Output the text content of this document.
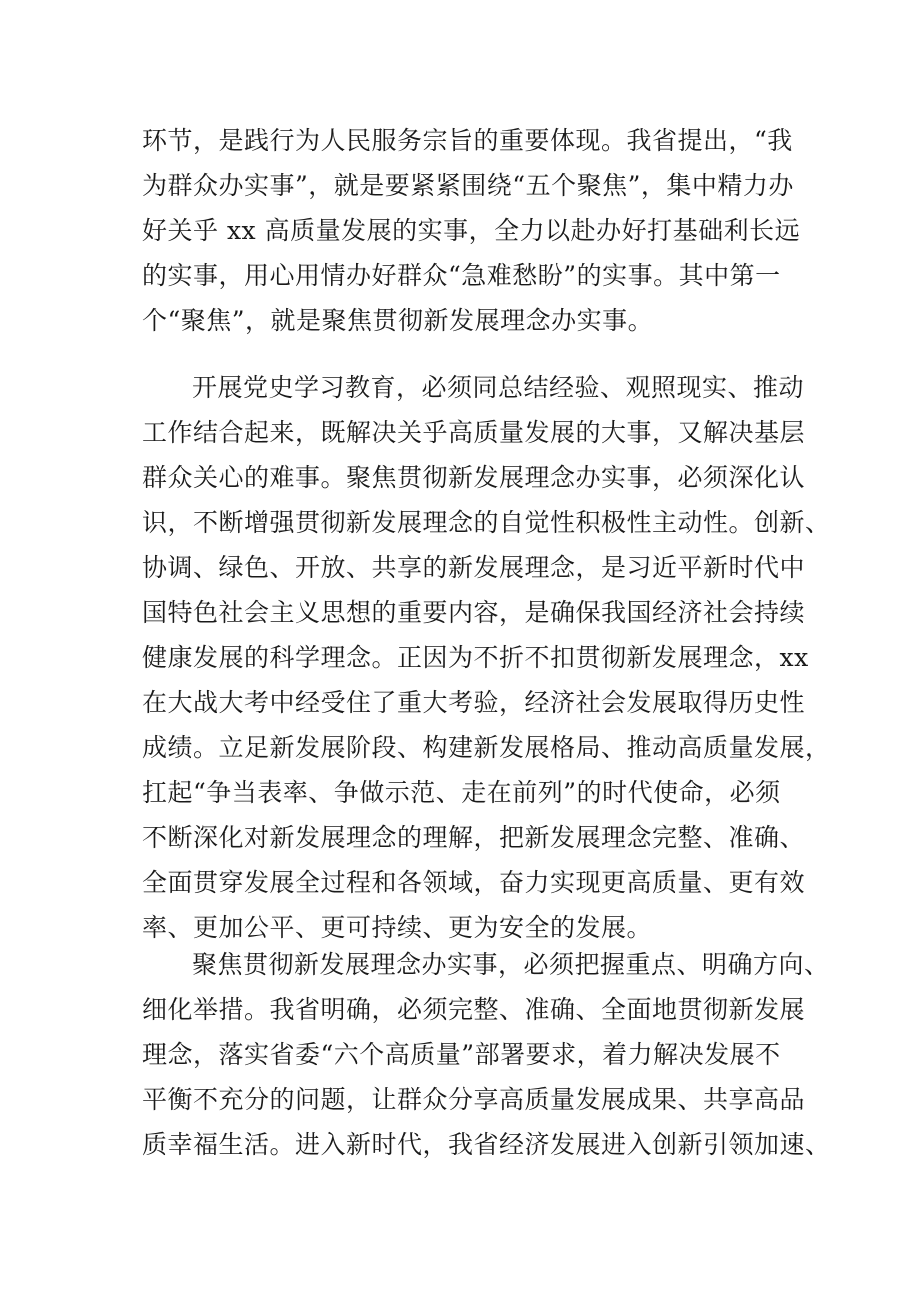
环节，是践行为人民服务宗旨的重要体现。我省提出，“我
为群众办实事”，就是要紧紧围绕“五个聚焦”，集中精力办
好关乎 xx 高质量发展的实事，全力以赴办好打基础利长远
的实事，用心用情办好群众“急难愁盼”的实事。其中第一
个“聚焦”，就是聚焦贯彻新发展理念办实事。
开展党史学习教育，必须同总结经验、观照现实、推动
工作结合起来，既解决关乎高质量发展的大事，又解决基层
群众关心的难事。聚焦贯彻新发展理念办实事，必须深化认
识，不断增强贯彻新发展理念的自觉性积极性主动性。创新、
协调、绿色、开放、共享的新发展理念，是习近平新时代中
国特色社会主义思想的重要内容，是确保我国经济社会持续
健康发展的科学理念。正因为不折不扣贯彻新发展理念，xx
在大战大考中经受住了重大考验，经济社会发展取得历史性
成绩。立足新发展阶段、构建新发展格局、推动高质量发展，
扛起“争当表率、争做示范、走在前列”的时代使命，必须
不断深化对新发展理念的理解，把新发展理念完整、准确、
全面贯穿发展全过程和各领域，奋力实现更高质量、更有效
率、更加公平、更可持续、更为安全的发展。
聚焦贯彻新发展理念办实事，必须把握重点、明确方向、
细化举措。我省明确，必须完整、准确、全面地贯彻新发展
理念，落实省委“六个高质量”部署要求，着力解决发展不
平衡不充分的问题，让群众分享高质量发展成果、共享高品
质幸福生活。进入新时代，我省经济发展进入创新引领加速、
